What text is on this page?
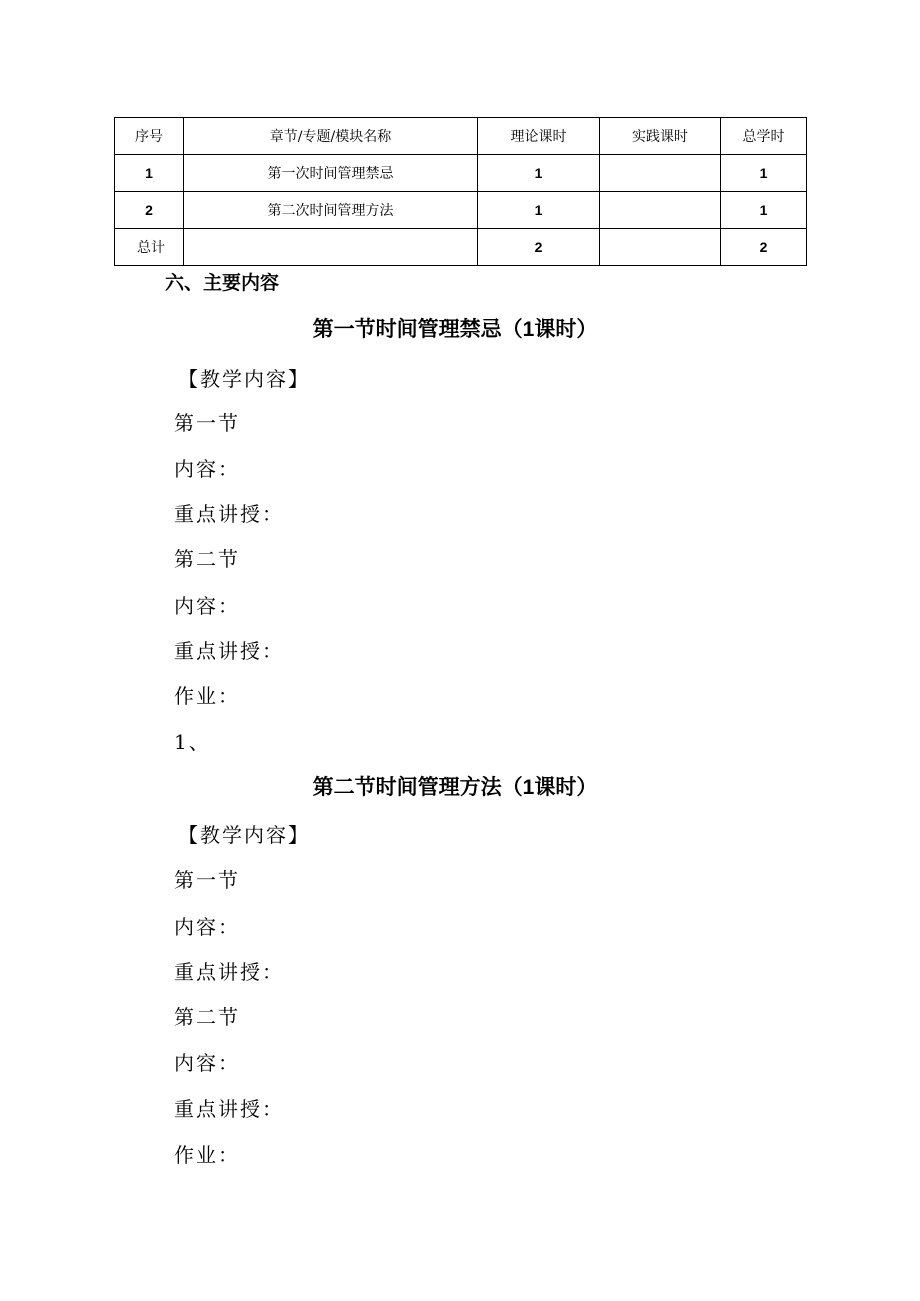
序号	章节/专题/模块名称	理论课时	实践课时	总学时
1	第一次时间管理禁忌	1		1
2	第二次时间管理方法	1		1
总计		2		2
六、主要内容
第一节时间管理禁忌（1课时）

【教学内容】

第一节

内容：

重点讲授：

第二节

内容：

重点讲授：

作业：

1、

第二节时间管理方法（1课时）

【教学内容】

第一节

内容：

重点讲授：

第二节

内容：

重点讲授：

作业：
